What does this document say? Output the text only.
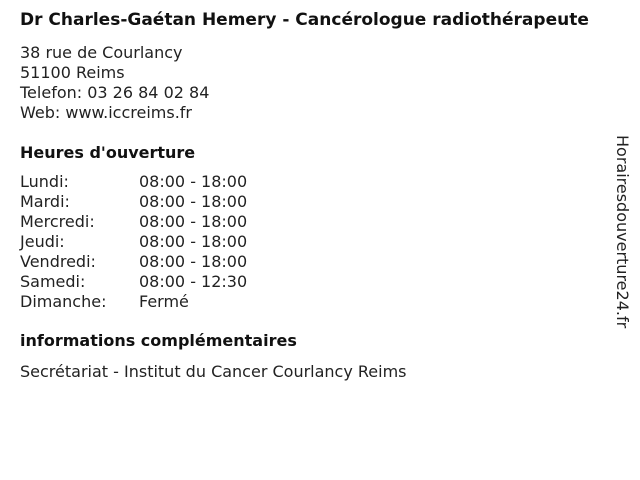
Dr Charles-Gaétan Hemery - Cancérologue radiothérapeute
38 rue de Courlancy
51100 Reims
Telefon: 03 26 84 02 84
Web: www.iccreims.fr
Heures d'ouverture
Lundi:	08:00 - 18:00
Mardi:	08:00 - 18:00
Mercredi:	08:00 - 18:00
Jeudi:	08:00 - 18:00
Vendredi:	08:00 - 18:00
Samedi:	08:00 - 12:30
Dimanche: Fermé
informations complémentaires
Secrétariat - Institut du Cancer Courlancy Reims
Horairesdouverture24.fr
